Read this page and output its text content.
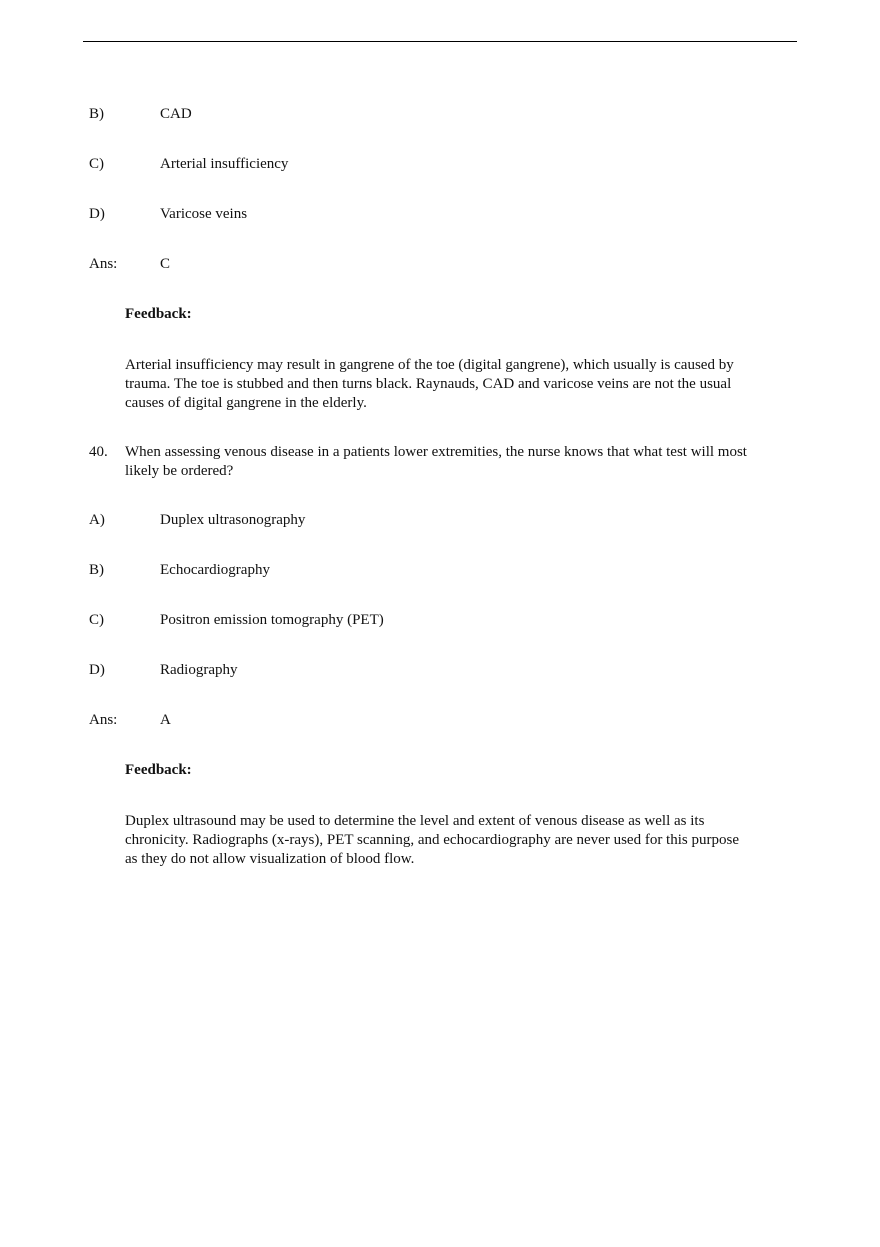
B)	CAD
C)	Arterial insufficiency
D)	Varicose veins
Ans:	C
Feedback:
Arterial insufficiency may result in gangrene of the toe (digital gangrene), which usually is caused by
trauma. The toe is stubbed and then turns black. Raynauds, CAD and varicose veins are not the usual
causes of digital gangrene in the elderly.
40. When assessing venous disease in a patients lower extremities, the nurse knows that what test will most
likely be ordered?
A)	Duplex ultrasonography
B)	Echocardiography
C)	Positron emission tomography (PET)
D)	Radiography
Ans:	A
Feedback:
Duplex ultrasound may be used to determine the level and extent of venous disease as well as its
chronicity. Radiographs (x-rays), PET scanning, and echocardiography are never used for this purpose
as they do not allow visualization of blood flow.
